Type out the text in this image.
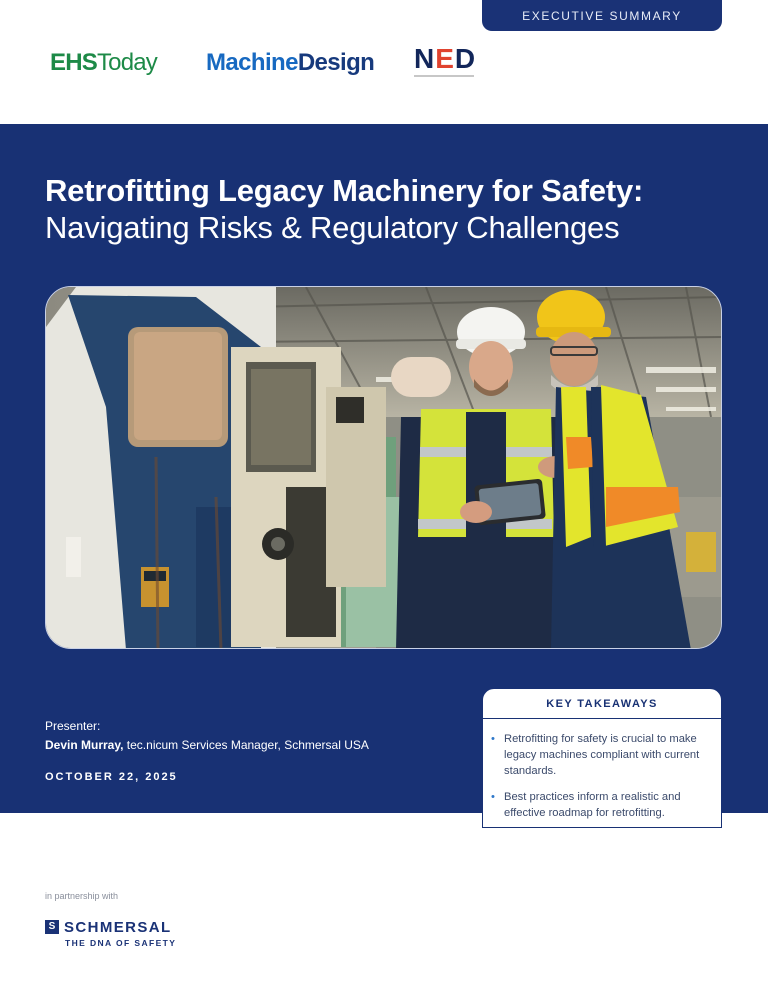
EXECUTIVE SUMMARY
EHSToday MachineDesign NED
Retrofitting Legacy Machinery for Safety:
Navigating Risks & Regulatory Challenges
Presenter:
Devin Murray, tec.nicum Services Manager, Schmersal USA
OCTOBER 22, 2025
KEY TAKEAWAYS
• Retrofitting for safety is crucial to make legacy machines compliant with current standards.
• Best practices inform a realistic and effective roadmap for retrofitting.
in partnership with
S SCHMERSAL
THE DNA OF SAFETY
